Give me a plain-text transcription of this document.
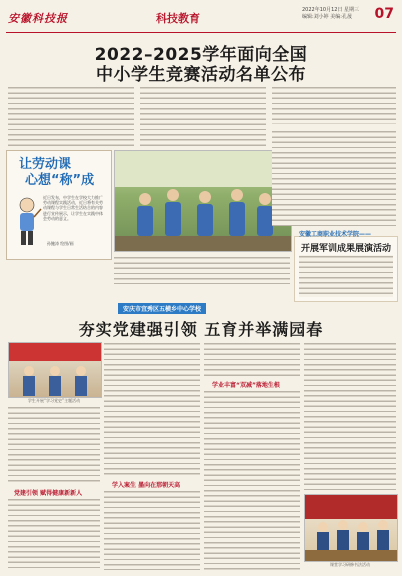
安徽科技报	科技教育
2022年10月12日 星期三
编辑:刘小婷 美编:孔晟	07
2022–2025学年面向全国
中小学生竞赛活动名单公布
让劳动课
心想“称”成
近日发布，中学生在学校大力推广劳动课程实践活动，近日将有关劳动课程与学生日常生活结合的内容进行宣传展示，让学生在实践中体会劳动的意义。
孙鲍涛 绘图/画
安徽工商职业技术学院——
开展军训成果展演活动
安庆市宜秀区五横乡中心学校
夯实党建强引领 五育并举满园春
学生开展“学习党史”主题活动
党建引领 赋得健康新新人
学入案生 墨向在那朝天高
学业丰富“双减”落地生根
课堂学习研修书法活动
